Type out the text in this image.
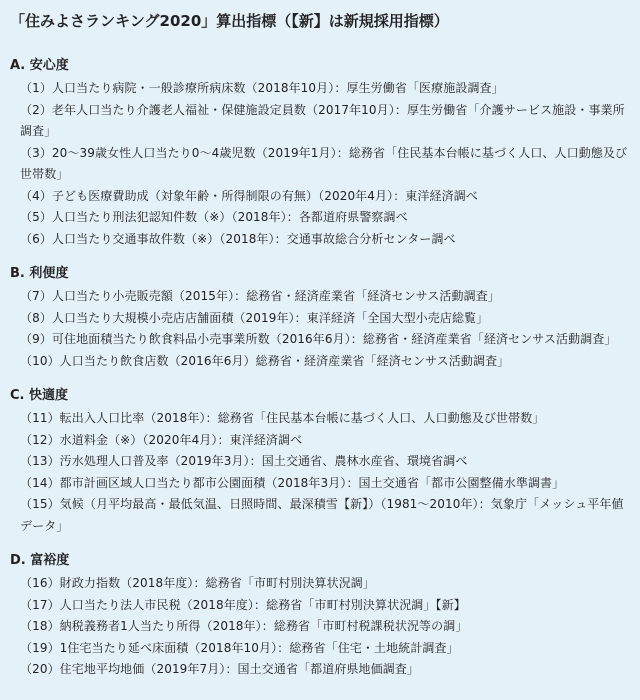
「住みよさランキング2020」算出指標（【新】は新規採用指標）
A. 安心度
（1）人口当たり病院・一般診療所病床数（2018年10月）：厚生労働省「医療施設調査」
（2）老年人口当たり介護老人福祉・保健施設定員数（2017年10月）：厚生労働省「介護サービス施設・事業所調査」
（3）20～39歳女性人口当たり0～4歳児数（2019年1月）：総務省「住民基本台帳に基づく人口、人口動態及び世帯数」
（4）子ども医療費助成（対象年齢・所得制限の有無）（2020年4月）：東洋経済調べ
（5）人口当たり刑法犯認知件数（※）（2018年）：各都道府県警察調べ
（6）人口当たり交通事故件数（※）（2018年）：交通事故総合分析センター調べ
B. 利便度
（7）人口当たり小売販売額（2015年）：総務省・経済産業省「経済センサス活動調査」
（8）人口当たり大規模小売店店舗面積（2019年）：東洋経済「全国大型小売店総覧」
（9）可住地面積当たり飲食料品小売事業所数（2016年6月）：総務省・経済産業省「経済センサス活動調査」
（10）人口当たり飲食店数（2016年6月）総務省・経済産業省「経済センサス活動調査」
C. 快適度
（11）転出入人口比率（2018年）：総務省「住民基本台帳に基づく人口、人口動態及び世帯数」
（12）水道料金（※）（2020年4月）：東洋経済調べ
（13）汚水処理人口普及率（2019年3月）：国土交通省、農林水産省、環境省調べ
（14）都市計画区域人口当たり都市公園面積（2018年3月）：国土交通省「都市公園整備水準調書」
（15）気候（月平均最高・最低気温、日照時間、最深積雪【新】）（1981～2010年）：気象庁「メッシュ平年値データ」
D. 富裕度
（16）財政力指数（2018年度）：総務省「市町村別決算状況調」
（17）人口当たり法人市民税（2018年度）：総務省「市町村別決算状況調」【新】
（18）納税義務者1人当たり所得（2018年）：総務省「市町村税課税状況等の調」
（19）1住宅当たり延べ床面積（2018年10月）：総務省「住宅・土地統計調査」
（20）住宅地平均地価（2019年7月）：国土交通省「都道府県地価調査」
